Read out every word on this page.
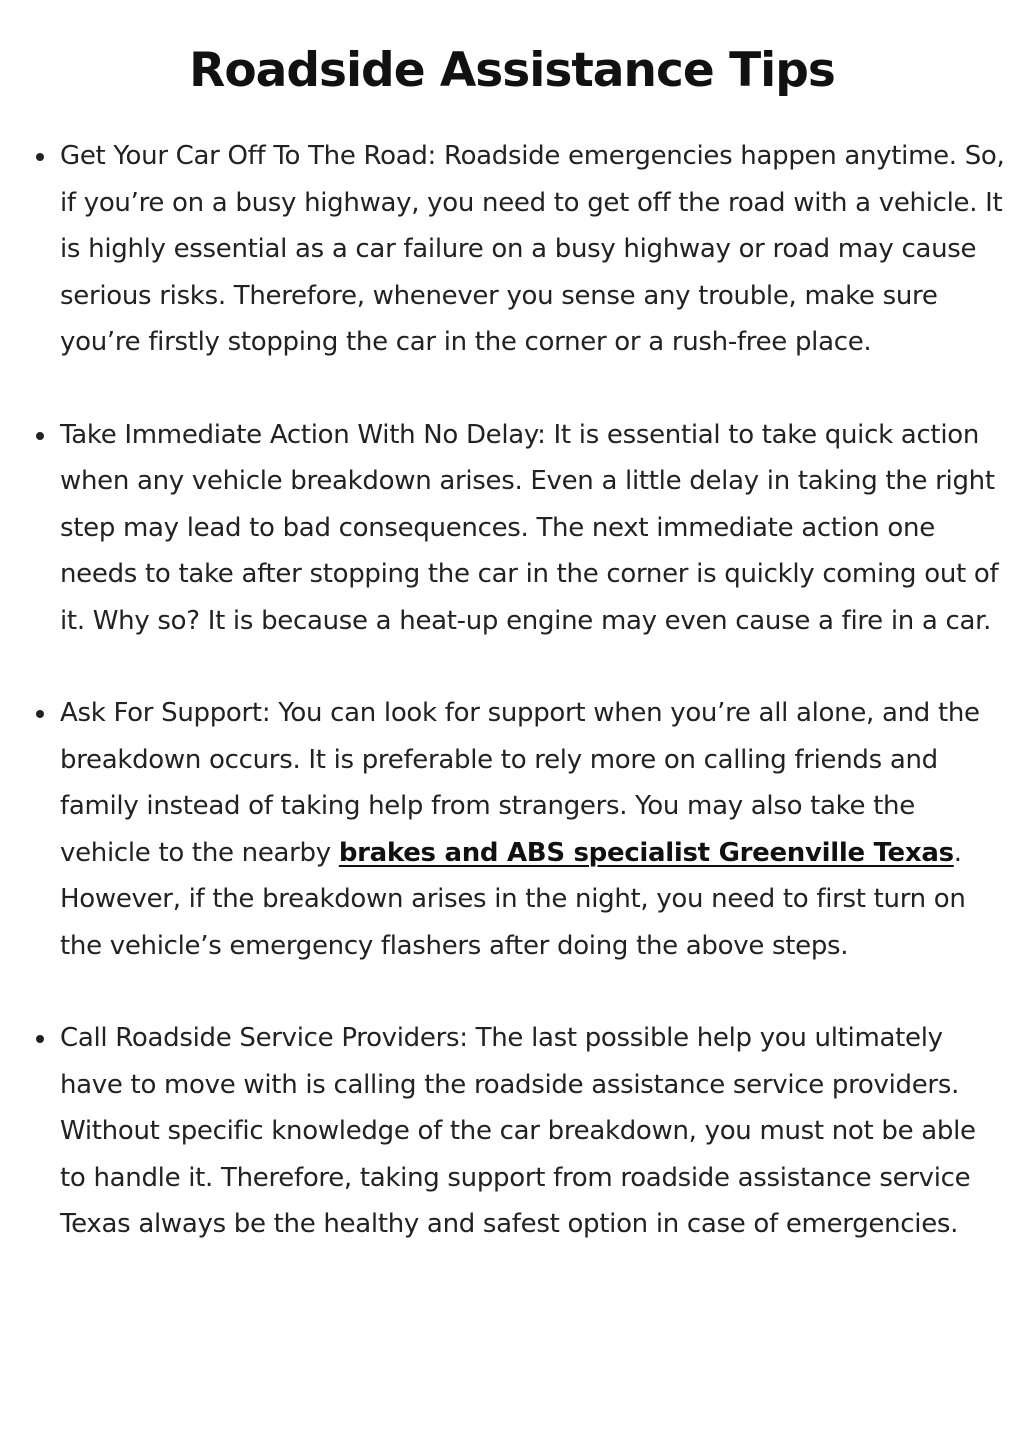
Roadside Assistance Tips
Get Your Car Off To The Road: Roadside emergencies happen anytime. So, if you’re on a busy highway, you need to get off the road with a vehicle. It is highly essential as a car failure on a busy highway or road may cause serious risks. Therefore, whenever you sense any trouble, make sure you’re firstly stopping the car in the corner or a rush-free place.
Take Immediate Action With No Delay: It is essential to take quick action when any vehicle breakdown arises. Even a little delay in taking the right step may lead to bad consequences. The next immediate action one needs to take after stopping the car in the corner is quickly coming out of it. Why so? It is because a heat-up engine may even cause a fire in a car.
Ask For Support: You can look for support when you’re all alone, and the breakdown occurs. It is preferable to rely more on calling friends and family instead of taking help from strangers. You may also take the vehicle to the nearby brakes and ABS specialist Greenville Texas. However, if the breakdown arises in the night, you need to first turn on the vehicle’s emergency flashers after doing the above steps.
Call Roadside Service Providers: The last possible help you ultimately have to move with is calling the roadside assistance service providers. Without specific knowledge of the car breakdown, you must not be able to handle it. Therefore, taking support from roadside assistance service Texas always be the healthy and safest option in case of emergencies.
